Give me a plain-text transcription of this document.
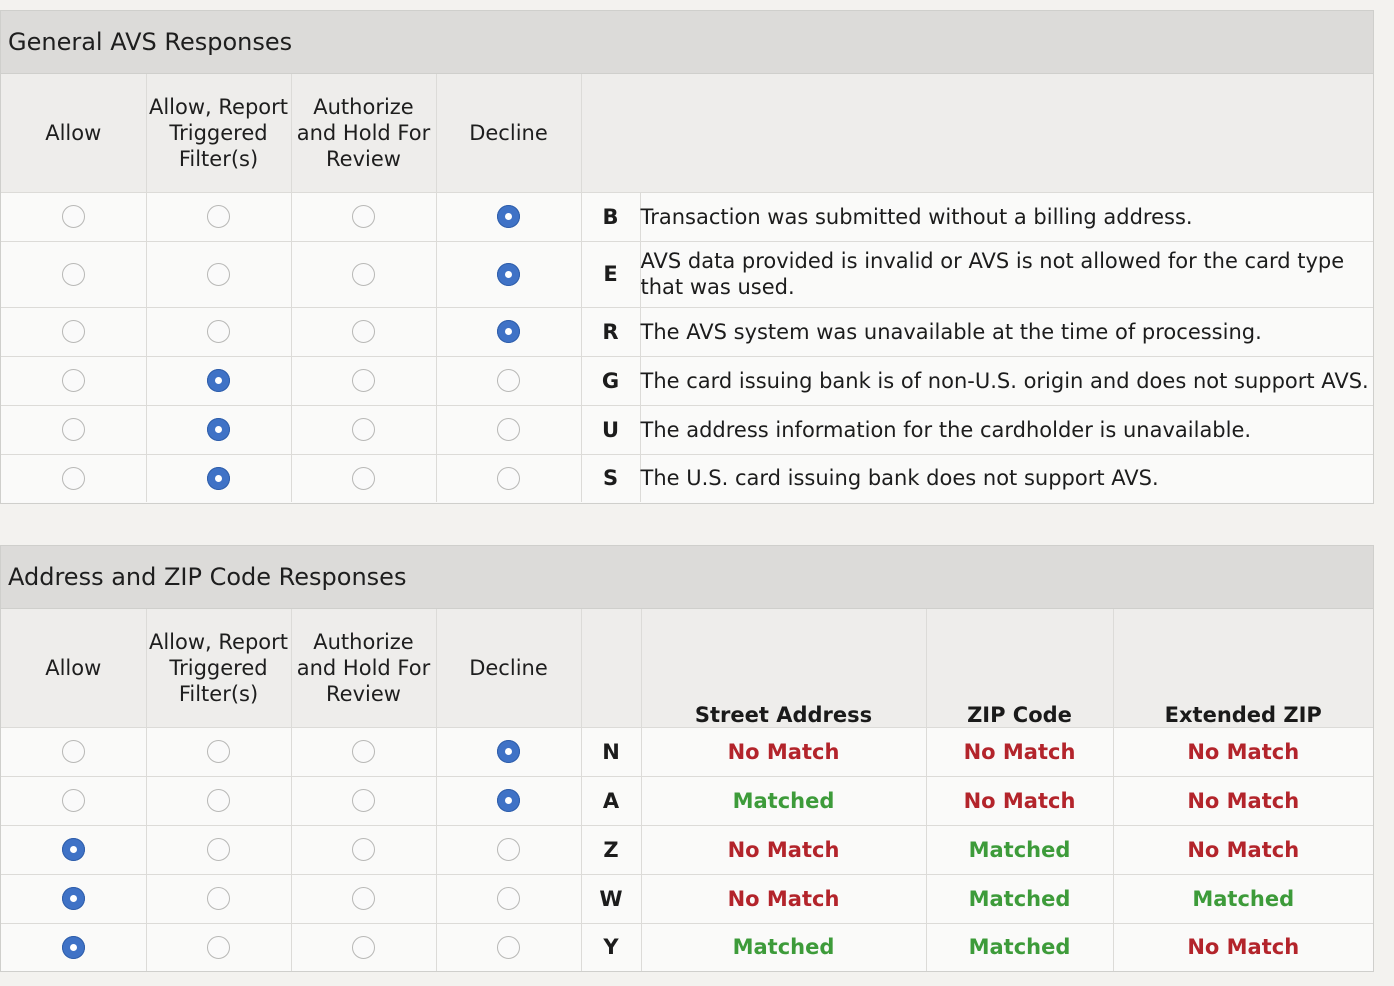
General AVS Responses
Allow	Allow, Report Triggered Filter(s)	Authorize and Hold For Review	Decline		
				B	Transaction was submitted without a billing address.
				E	AVS data provided is invalid or AVS is not allowed for the card type that was used.
				R	The AVS system was unavailable at the time of processing.
				G	The card issuing bank is of non-U.S. origin and does not support AVS.
				U	The address information for the cardholder is unavailable.
				S	The U.S. card issuing bank does not support AVS.
Address and ZIP Code Responses
Allow	Allow, Report Triggered Filter(s)	Authorize and Hold For Review	Decline		Street Address	ZIP Code	Extended ZIP
				N	No Match	No Match	No Match
				A	Matched	No Match	No Match
				Z	No Match	Matched	No Match
				W	No Match	Matched	Matched
				Y	Matched	Matched	No Match
